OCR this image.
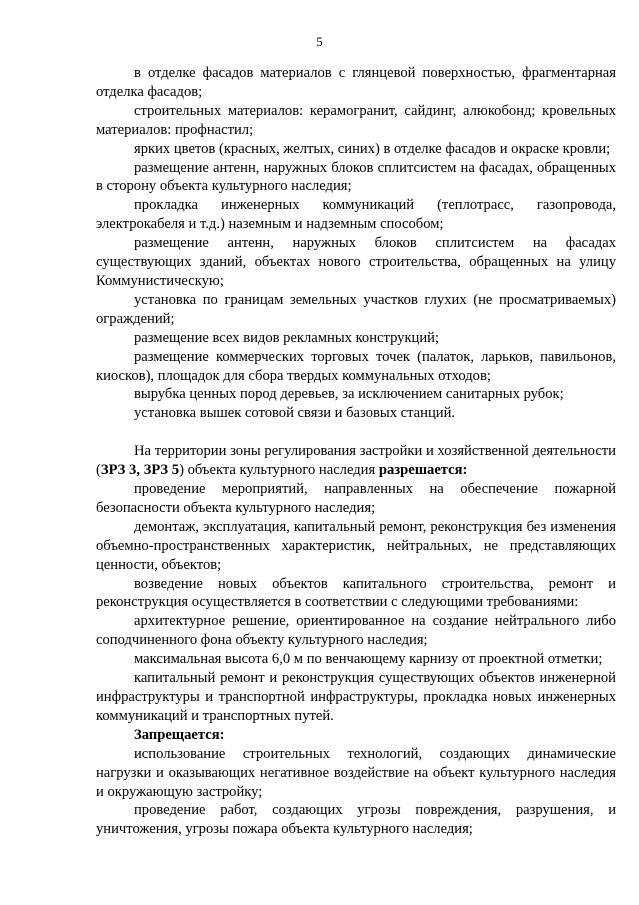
5

в отделке фасадов материалов с глянцевой поверхностью, фрагментарная отделка фасадов;

строительных материалов: керамогранит, сайдинг, алюкобонд; кровельных материалов: профнастил;

ярких цветов (красных, желтых, синих) в отделке фасадов и окраске кровли;

размещение антенн, наружных блоков сплитсистем на фасадах, обращенных в сторону объекта культурного наследия;

прокладка инженерных коммуникаций (теплотрасс, газопровода, электрокабеля и т.д.) наземным и надземным способом;

размещение антенн, наружных блоков сплитсистем на фасадах существующих зданий, объектах нового строительства, обращенных на улицу Коммунистическую;

установка по границам земельных участков глухих (не просматриваемых) ограждений;

размещение всех видов рекламных конструкций;

размещение коммерческих торговых точек (палаток, ларьков, павильонов, киосков), площадок для сбора твердых коммунальных отходов;

вырубка ценных пород деревьев, за исключением санитарных рубок;

установка вышек сотовой связи и базовых станций.

На территории зоны регулирования застройки и хозяйственной деятельности (ЗРЗ 3, ЗРЗ 5) объекта культурного наследия разрешается:

проведение мероприятий, направленных на обеспечение пожарной безопасности объекта культурного наследия;

демонтаж, эксплуатация, капитальный ремонт, реконструкция без изменения объемно-пространственных характеристик, нейтральных, не представляющих ценности, объектов;

возведение новых объектов капитального строительства, ремонт и реконструкция осуществляется в соответствии с следующими требованиями:

архитектурное решение, ориентированное на создание нейтрального либо соподчиненного фона объекту культурного наследия;

максимальная высота 6,0 м по венчающему карнизу от проектной отметки;

капитальный ремонт и реконструкция существующих объектов инженерной инфраструктуры и транспортной инфраструктуры, прокладка новых инженерных коммуникаций и транспортных путей.

Запрещается:

использование строительных технологий, создающих динамические нагрузки и оказывающих негативное воздействие на объект культурного наследия и окружающую застройку;

проведение работ, создающих угрозы повреждения, разрушения, и уничтожения, угрозы пожара объекта культурного наследия;
